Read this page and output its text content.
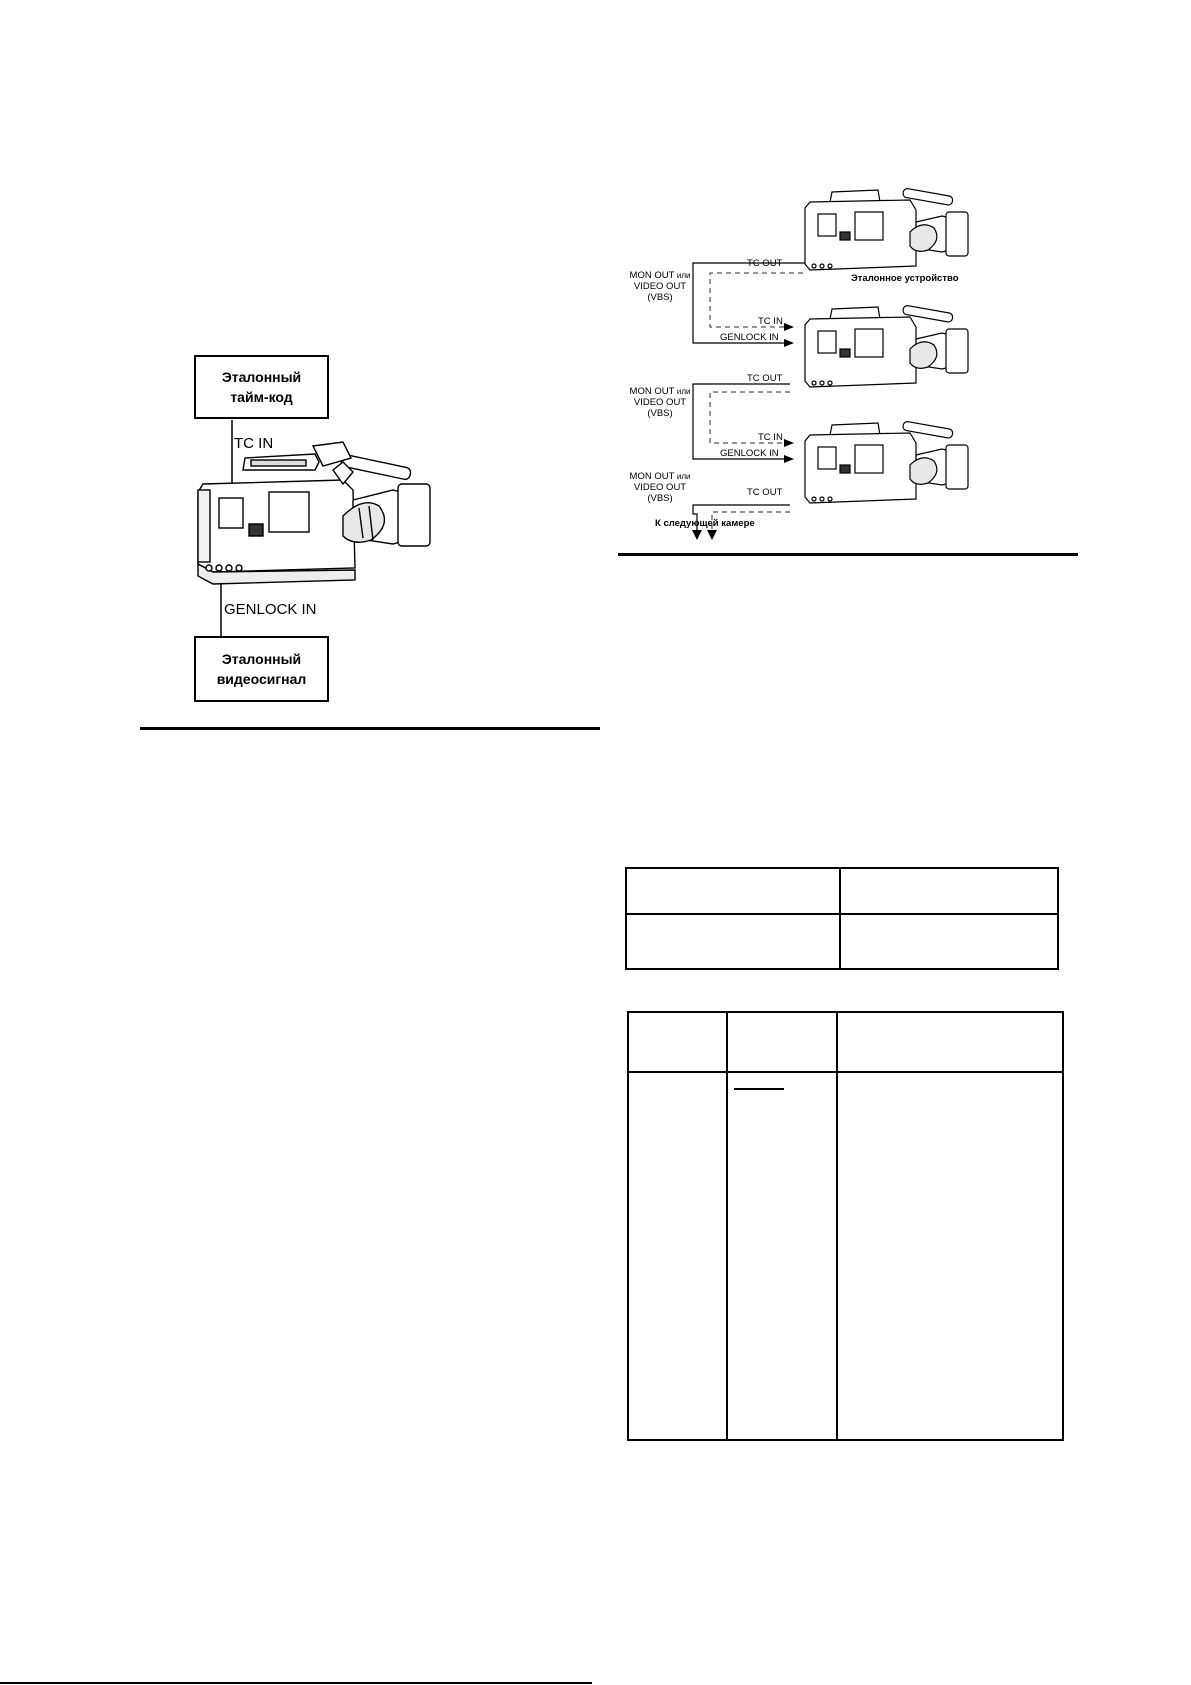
Эталонный тайм-код
TC IN
GENLOCK IN
Эталонный видеосигнал
TC OUT
TC IN
GENLOCK IN
TC OUT
TC IN
GENLOCK IN
TC OUT
Эталонное устройство
К следующей камере
MON OUT или
VIDEO OUT
(VBS)
MON OUT или
VIDEO OUT
(VBS)
MON OUT или
VIDEO OUT
(VBS)
